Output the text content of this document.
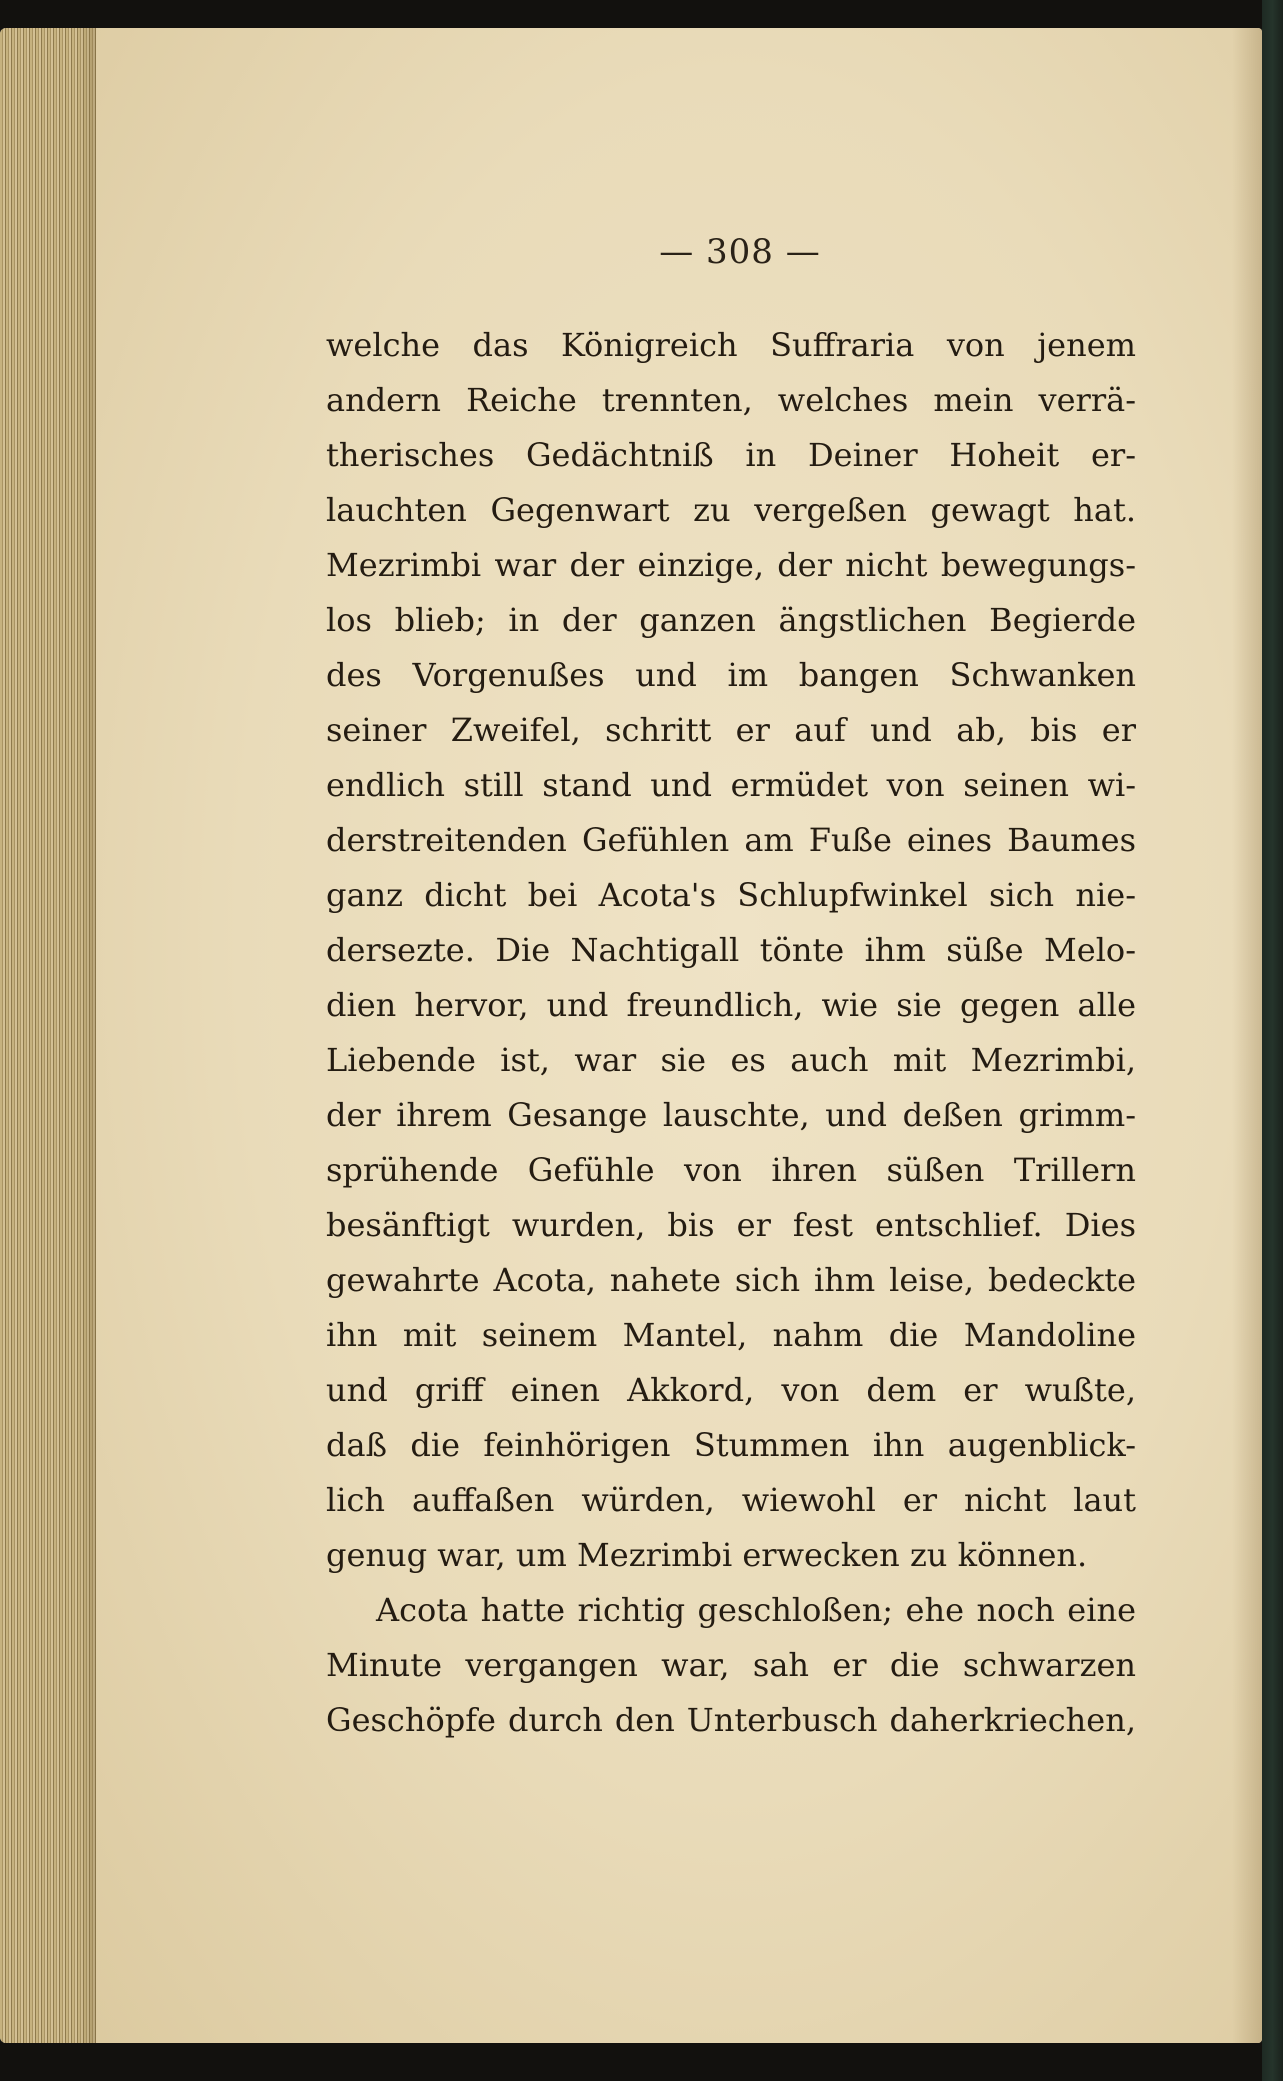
— 308 —
welche das Königreich Suffraria von jenem
andern Reiche trennten, welches mein verrä-
therisches Gedächtniß in Deiner Hoheit er-
lauchten Gegenwart zu vergeßen gewagt hat.
Mezrimbi war der einzige, der nicht bewegungs-
los blieb; in der ganzen ängstlichen Begierde
des Vorgenußes und im bangen Schwanken
seiner Zweifel, schritt er auf und ab, bis er
endlich still stand und ermüdet von seinen wi-
derstreitenden Gefühlen am Fuße eines Baumes
ganz dicht bei Acota's Schlupfwinkel sich nie-
dersezte. Die Nachtigall tönte ihm süße Melo-
dien hervor, und freundlich, wie sie gegen alle
Liebende ist, war sie es auch mit Mezrimbi,
der ihrem Gesange lauschte, und deßen grimm-
sprühende Gefühle von ihren süßen Trillern
besänftigt wurden, bis er fest entschlief. Dies
gewahrte Acota, nahete sich ihm leise, bedeckte
ihn mit seinem Mantel, nahm die Mandoline
und griff einen Akkord, von dem er wußte,
daß die feinhörigen Stummen ihn augenblick-
lich auffaßen würden, wiewohl er nicht laut
genug war, um Mezrimbi erwecken zu können.
Acota hatte richtig geschloßen; ehe noch eine
Minute vergangen war, sah er die schwarzen
Geschöpfe durch den Unterbusch daherkriechen,
